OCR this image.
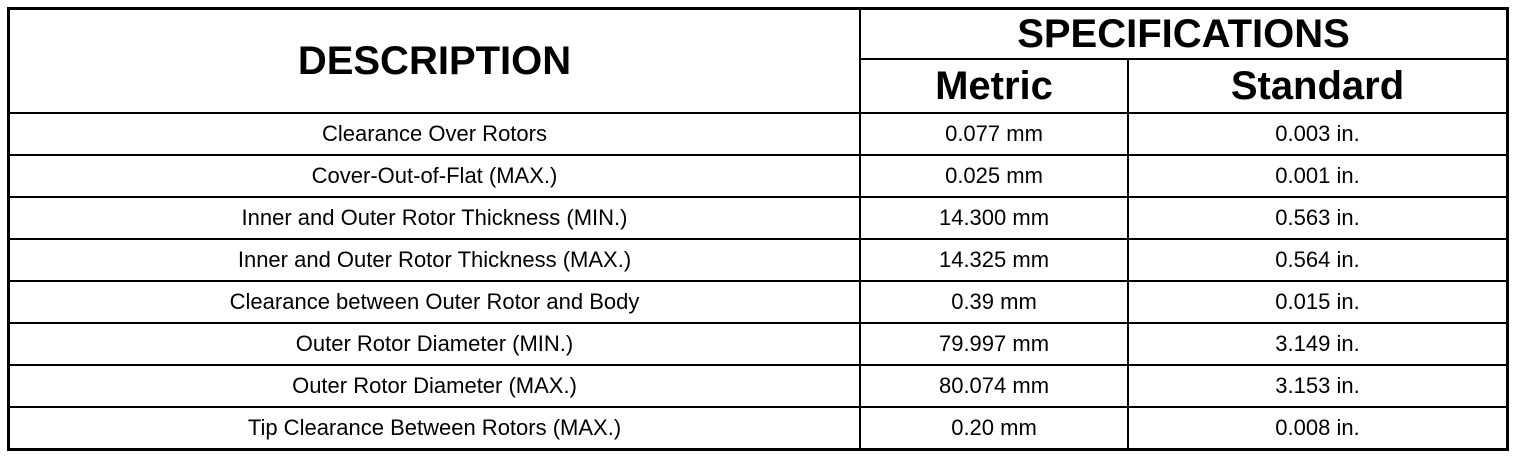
DESCRIPTION	SPECIFICATIONS	
	Metric	Standard
Clearance Over Rotors	0.077 mm	0.003 in.
Cover-Out-of-Flat (MAX.)	0.025 mm	0.001 in.
Inner and Outer Rotor Thickness (MIN.)	14.300 mm	0.563 in.
Inner and Outer Rotor Thickness (MAX.)	14.325 mm	0.564 in.
Clearance between Outer Rotor and Body	0.39 mm	0.015 in.
Outer Rotor Diameter (MIN.)	79.997 mm	3.149 in.
Outer Rotor Diameter (MAX.)	80.074 mm	3.153 in.
Tip Clearance Between Rotors (MAX.)	0.20 mm	0.008 in.
